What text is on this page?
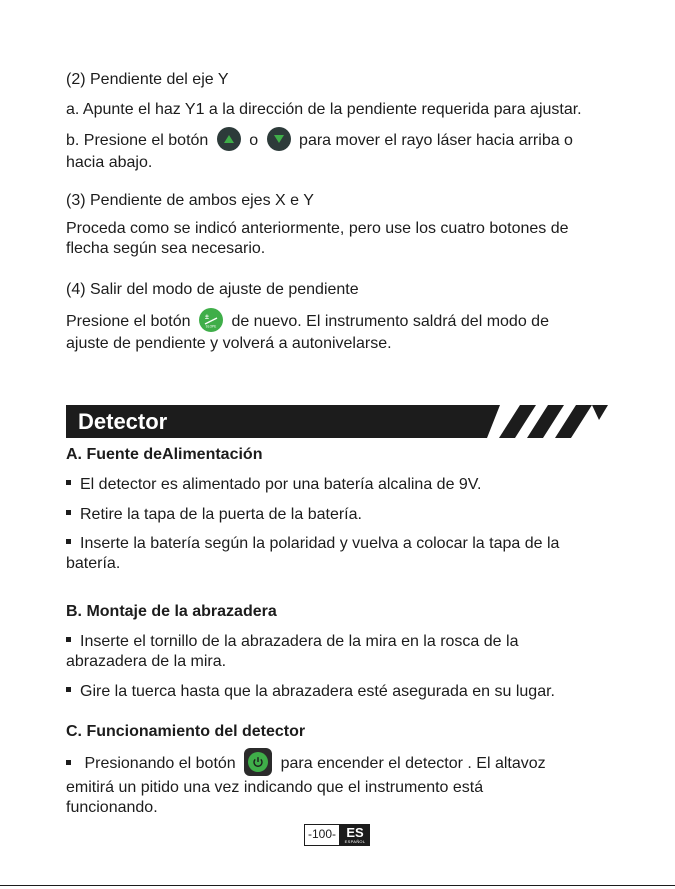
(2) Pendiente del eje Y
a. Apunte el haz Y1 a la dirección de la pendiente requerida para ajustar.
b. Presione el botón	o	para mover el rayo láser hacia arriba o
hacia abajo.
(3) Pendiente de ambos ejes X e Y
Proceda como se indicó anteriormente, pero use los cuatro botones de
flecha según sea necesario.
(4) Salir del modo de ajuste de pendiente
Presione el botón ±
SLOPE de nuevo. El instrumento saldrá del modo de
ajuste de pendiente y volverá a autonivelarse.
Detector
A. Fuente deAlimentación
El detector es alimentado por una batería alcalina de 9V.
Retire la tapa de la puerta de la batería.
Inserte la batería según la polaridad y vuelva a colocar la tapa de la
batería.
B. Montaje de la abrazadera
Inserte el tornillo de la abrazadera de la mira en la rosca de la
abrazadera de la mira.
Gire la tuerca hasta que la abrazadera esté asegurada en su lugar.
C. Funcionamiento del detector
Presionando el botón	para encender el detector . El altavoz
emitirá un pitido una vez indicando que el instrumento está
funcionando.
-100- ES
ESPAÑOL
